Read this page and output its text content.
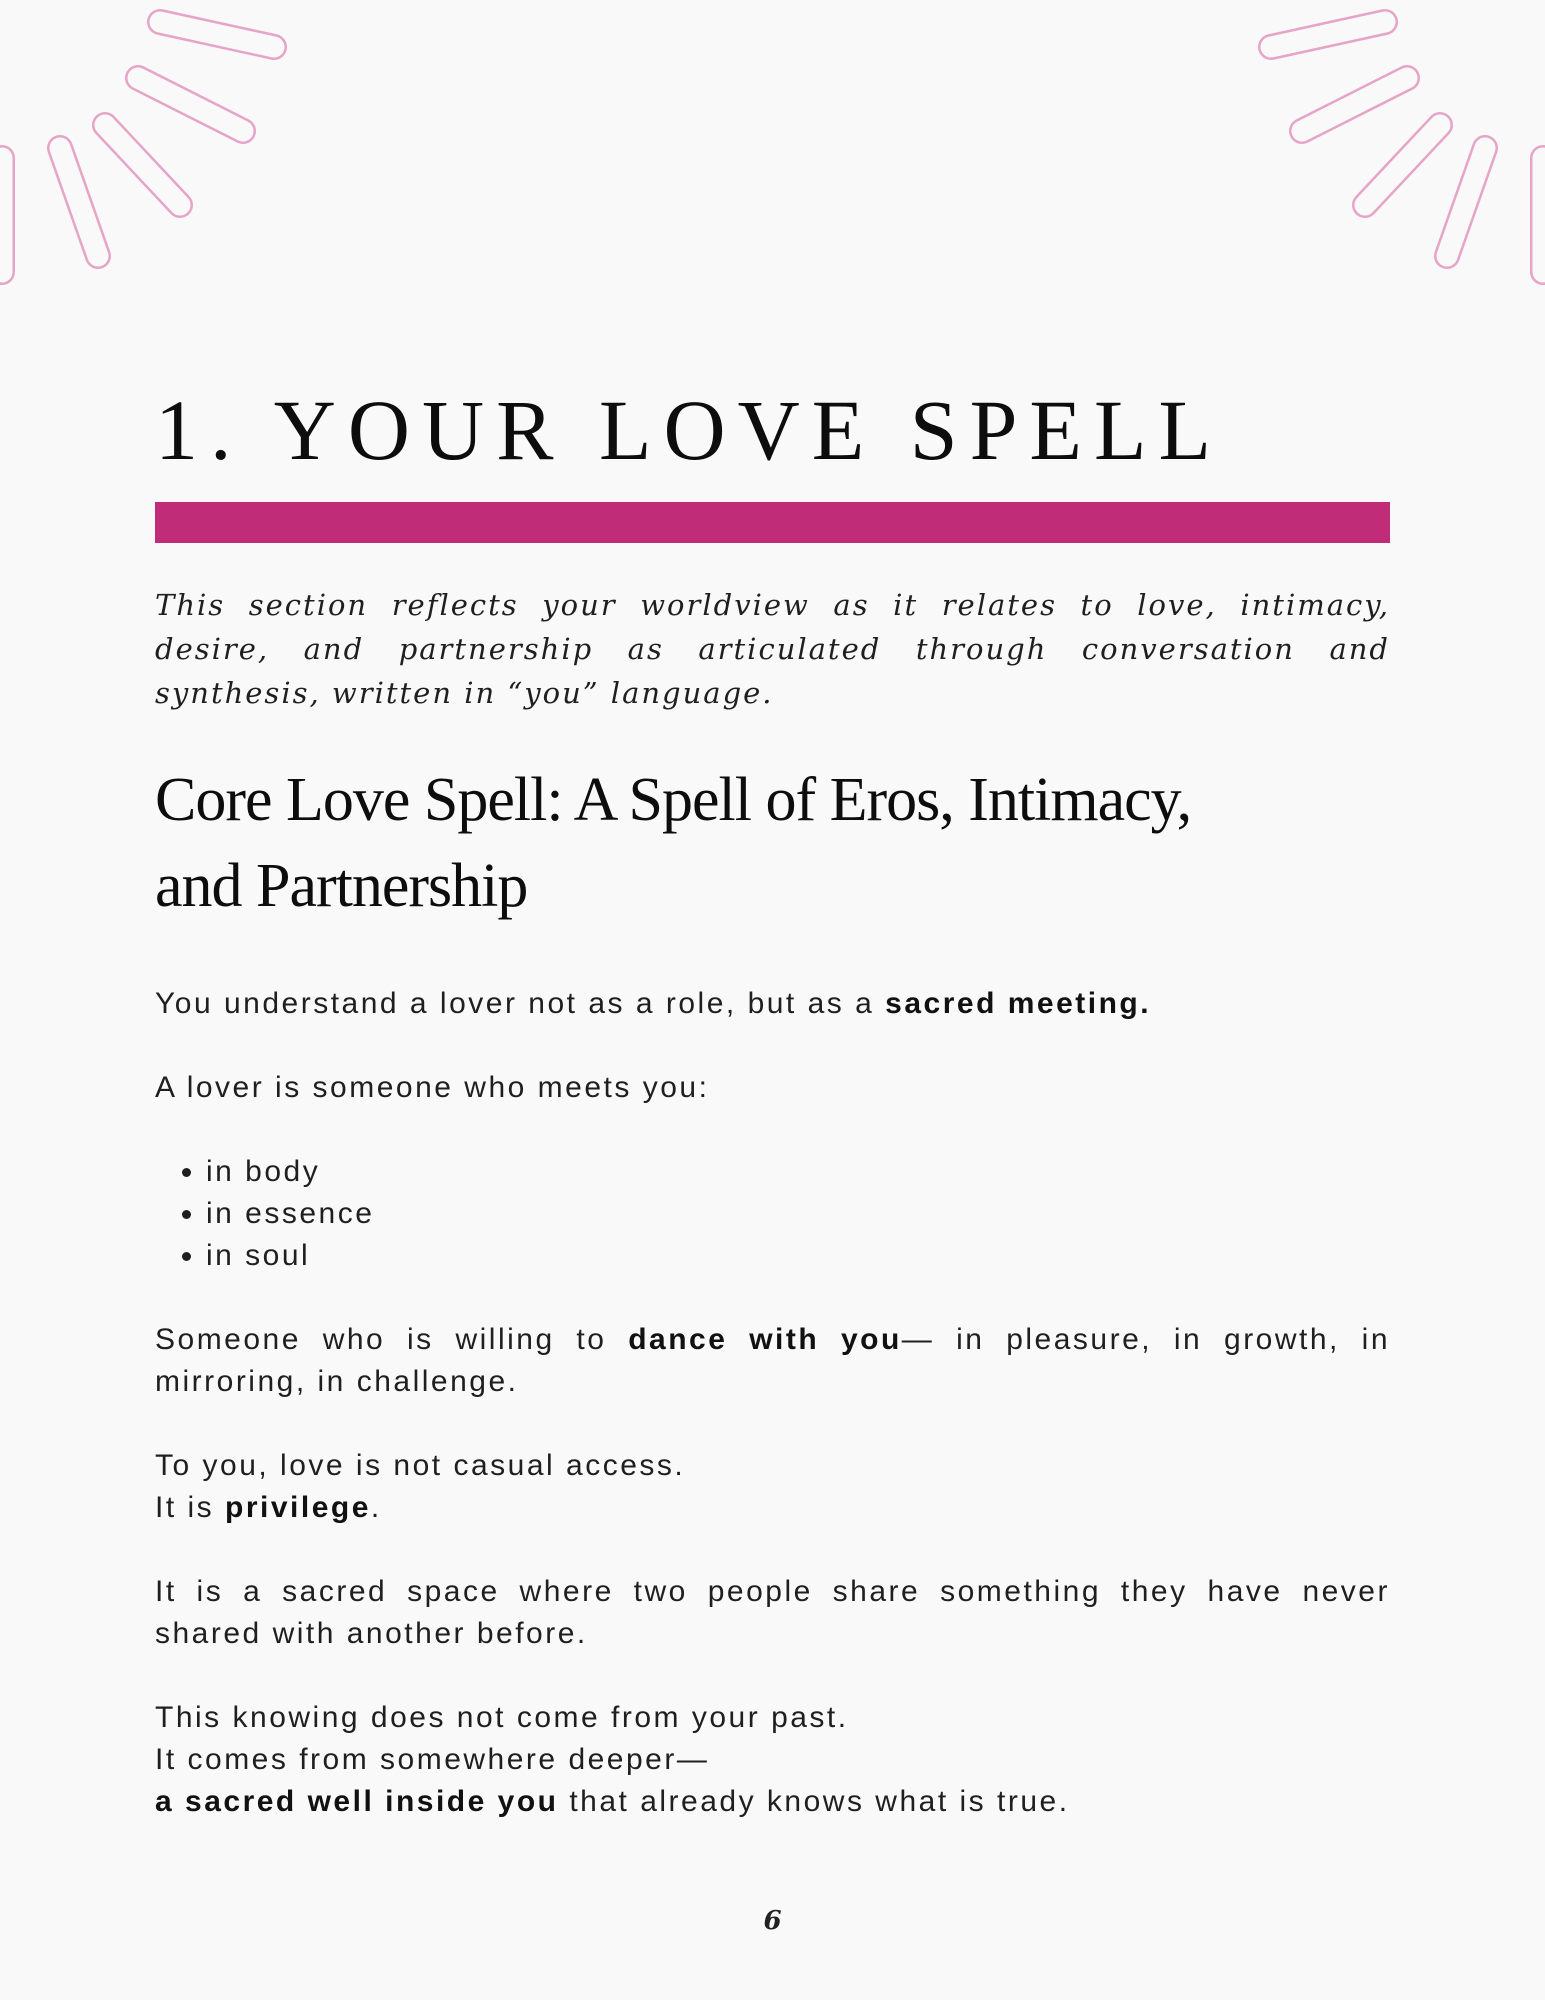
1. YOUR LOVE SPELL

This section reflects your worldview as it relates to love, intimacy, desire, and partnership as articulated through conversation and synthesis, written in “you” language.

Core Love Spell: A Spell of Eros, Intimacy,
and Partnership

You understand a lover not as a role, but as a sacred meeting.

A lover is someone who meets you:

• in body
• in essence
• in soul

Someone who is willing to dance with you— in pleasure, in growth, in mirroring, in challenge.

To you, love is not casual access.

It is privilege.

It is a sacred space where two people share something they have never shared with another before.

This knowing does not come from your past.

It comes from somewhere deeper—

a sacred well inside you that already knows what is true.

6
